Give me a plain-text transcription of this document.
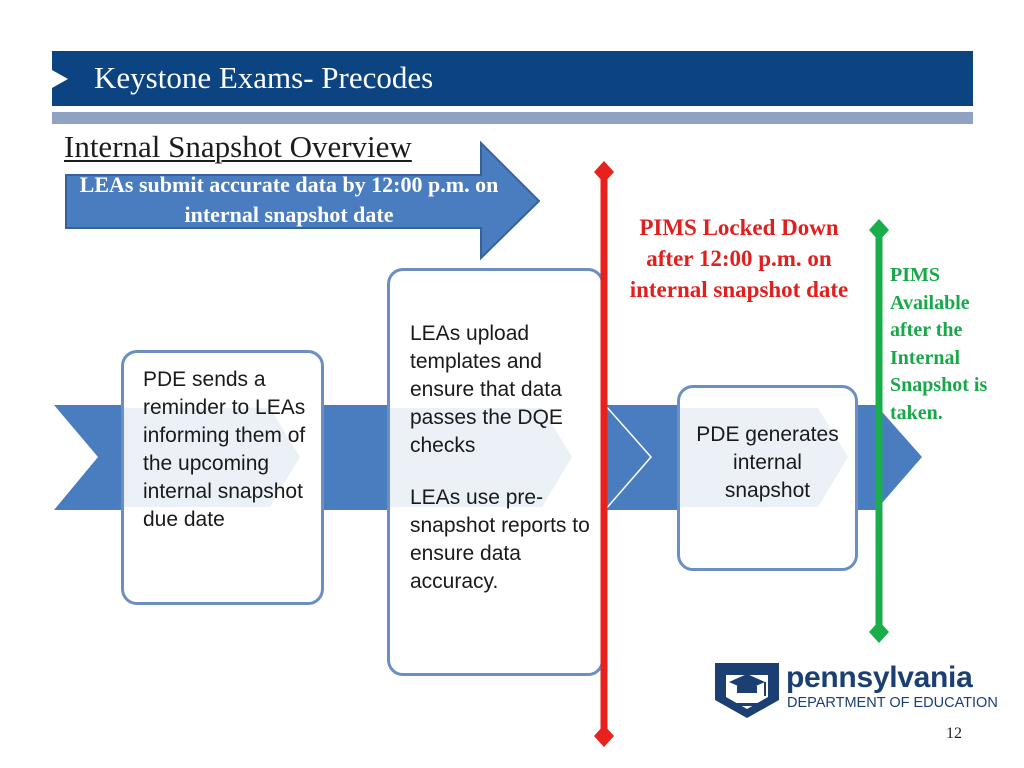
Keystone Exams- Precodes
Internal Snapshot Overview
PDE sends a reminder to LEAs informing them of the upcoming internal snapshot due date
LEAs upload templates and ensure that data passes the DQE checks
LEAs use pre-snapshot reports to ensure data accuracy.
PDE generates internal snapshot
LEAs submit accurate data by 12:00 p.m. on internal snapshot date
PIMS Locked Down after 12:00 p.m. on internal snapshot date
PIMS Available after the Internal Snapshot is taken.
pennsylvania
DEPARTMENT OF EDUCATION
12
